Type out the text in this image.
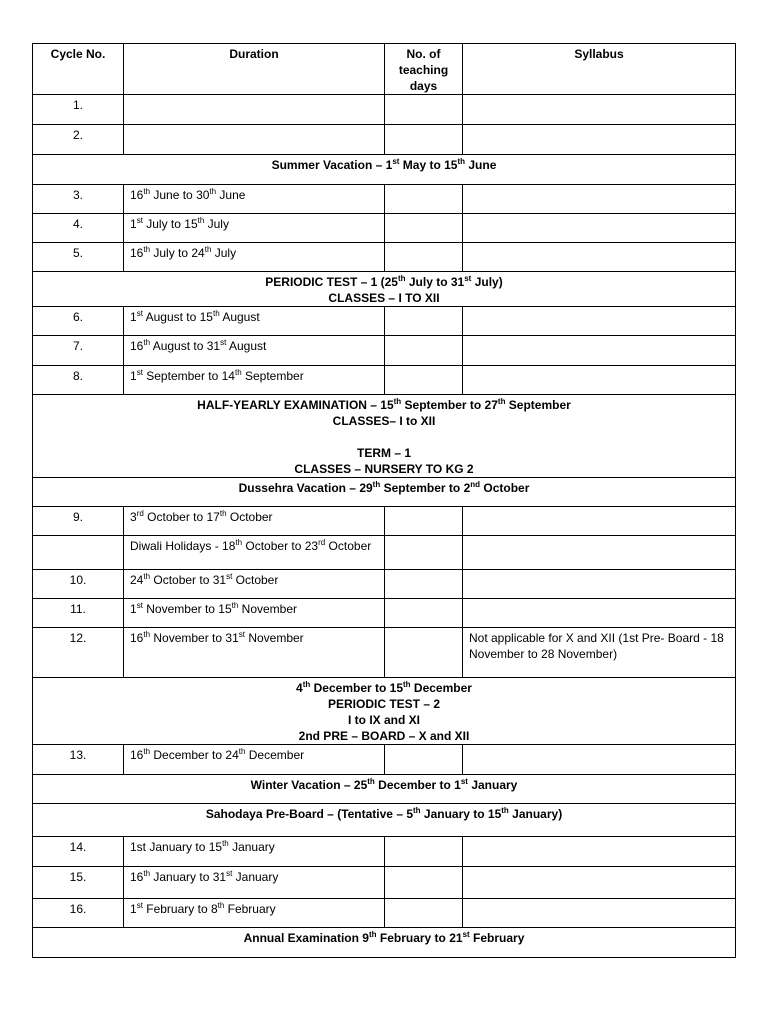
Cycle No.	Duration	No. of teaching days	Syllabus
1.			
2.			

Summer Vacation – 1st May to 15th June			

3.	16th June to 30th June		
4.	1st July to 15th July		
5.	16th July to 24th July		

PERIODIC TEST – 1 (25th July to 31st July)
CLASSES – I TO XII			

6.	1st August to 15th August		
7.	16th August to 31st August		
8.	1st September to 14th September		

HALF-YEARLY EXAMINATION – 15th September to 27th September
CLASSES– I to XII
TERM – 1
CLASSES – NURSERY TO KG 2			

Dussehra Vacation – 29th September to 2nd October			

9.	3rd October to 17th October		
	Diwali Holidays - 18th October to 23rd October		
10.	24th October to 31st October		
11.	1st November to 15th November		
12.	16th November to 31st November		Not applicable for X and XII (1st Pre- Board - 18 November to 28 November)

4th December to 15th December
PERIODIC TEST – 2
I to IX and XI
2nd PRE – BOARD – X and XII			

13.	16th December to 24th December		

Winter Vacation – 25th December to 1st January			

Sahodaya Pre-Board – (Tentative – 5th January to 15th January)			

14.	1st January to 15th January		
15.	16th January to 31st January		
16.	1st February to 8th February		

Annual Examination 9th February to 21st February			
